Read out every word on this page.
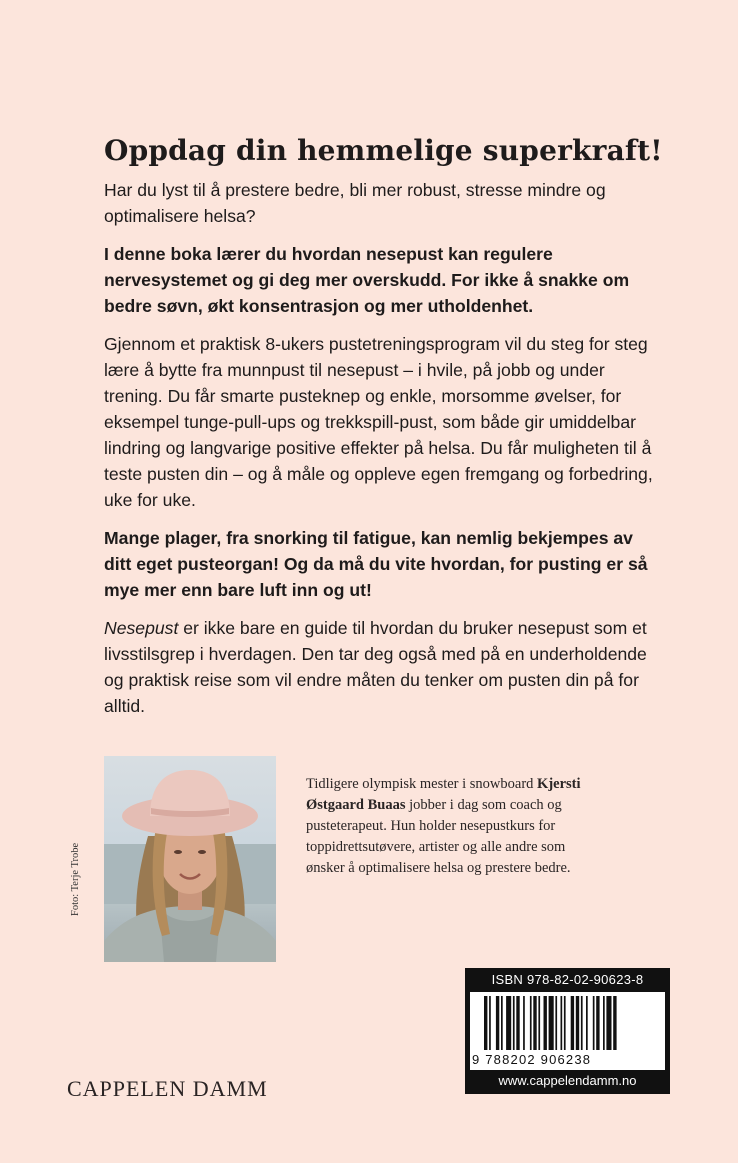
Oppdag din hemmelige superkraft!

Har du lyst til å prestere bedre, bli mer robust, stresse mindre og optimalisere helsa?

I denne boka lærer du hvordan nesepust kan regulere nervesystemet og gi deg mer overskudd. For ikke å snakke om bedre søvn, økt konsentrasjon og mer utholdenhet.

Gjennom et praktisk 8-ukers pustetreningsprogram vil du steg for steg lære å bytte fra munnpust til nesepust – i hvile, på jobb og under trening. Du får smarte pusteknep og enkle, morsomme øvelser, for eksempel tunge-pull-ups og trekkspill-pust, som både gir umiddelbar lindring og langvarige positive effekter på helsa. Du får muligheten til å teste pusten din – og å måle og oppleve egen fremgang og forbedring, uke for uke.

Mange plager, fra snorking til fatigue, kan nemlig bekjempes av ditt eget pusteorgan! Og da må du vite hvordan, for pusting er så mye mer enn bare luft inn og ut!

Nesepust er ikke bare en guide til hvordan du bruker nesepust som et livsstilsgrep i hverdagen. Den tar deg også med på en underholdende og praktisk reise som vil endre måten du tenker om pusten din på for alltid.

Foto: Terje Trobe
Tidligere olympisk mester i snowboard Kjersti Østgaard Buaas jobber i dag som coach og pusteterapeut. Hun holder nesepustkurs for toppidrettsutøvere, artister og alle andre som ønsker å optimalisere helsa og prestere bedre.
CAPPELEN DAMM
ISBN 978-82-02-90623-8
9 788202 906238
www.cappelendamm.no
